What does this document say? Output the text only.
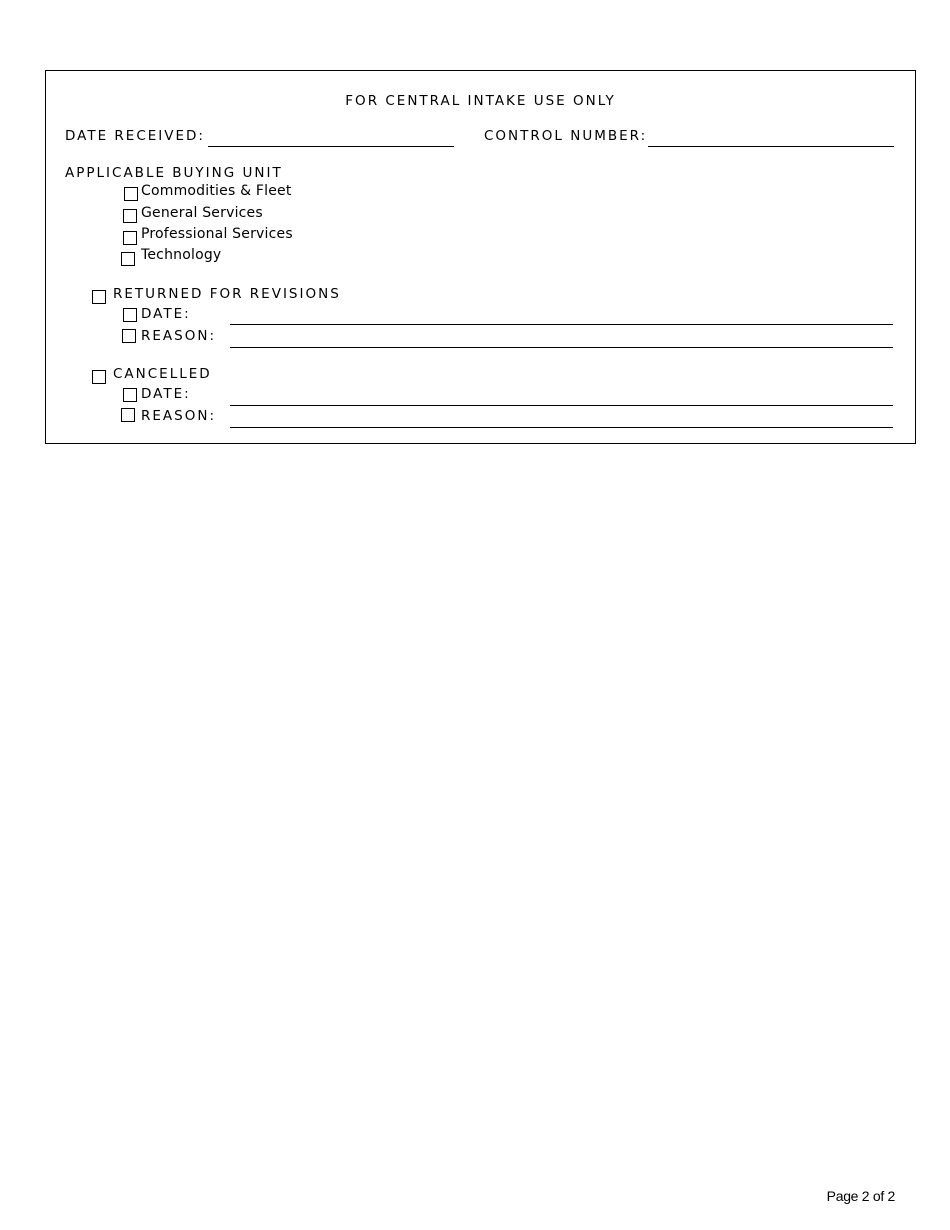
FOR CENTRAL INTAKE USE ONLY
DATE RECEIVED:	CONTROL NUMBER:
APPLICABLE BUYING UNIT
Commodities & Fleet
General Services
Professional Services
Technology
RETURNED FOR REVISIONS
DATE:
REASON:
CANCELLED
DATE:
REASON:
Page 2 of 2
